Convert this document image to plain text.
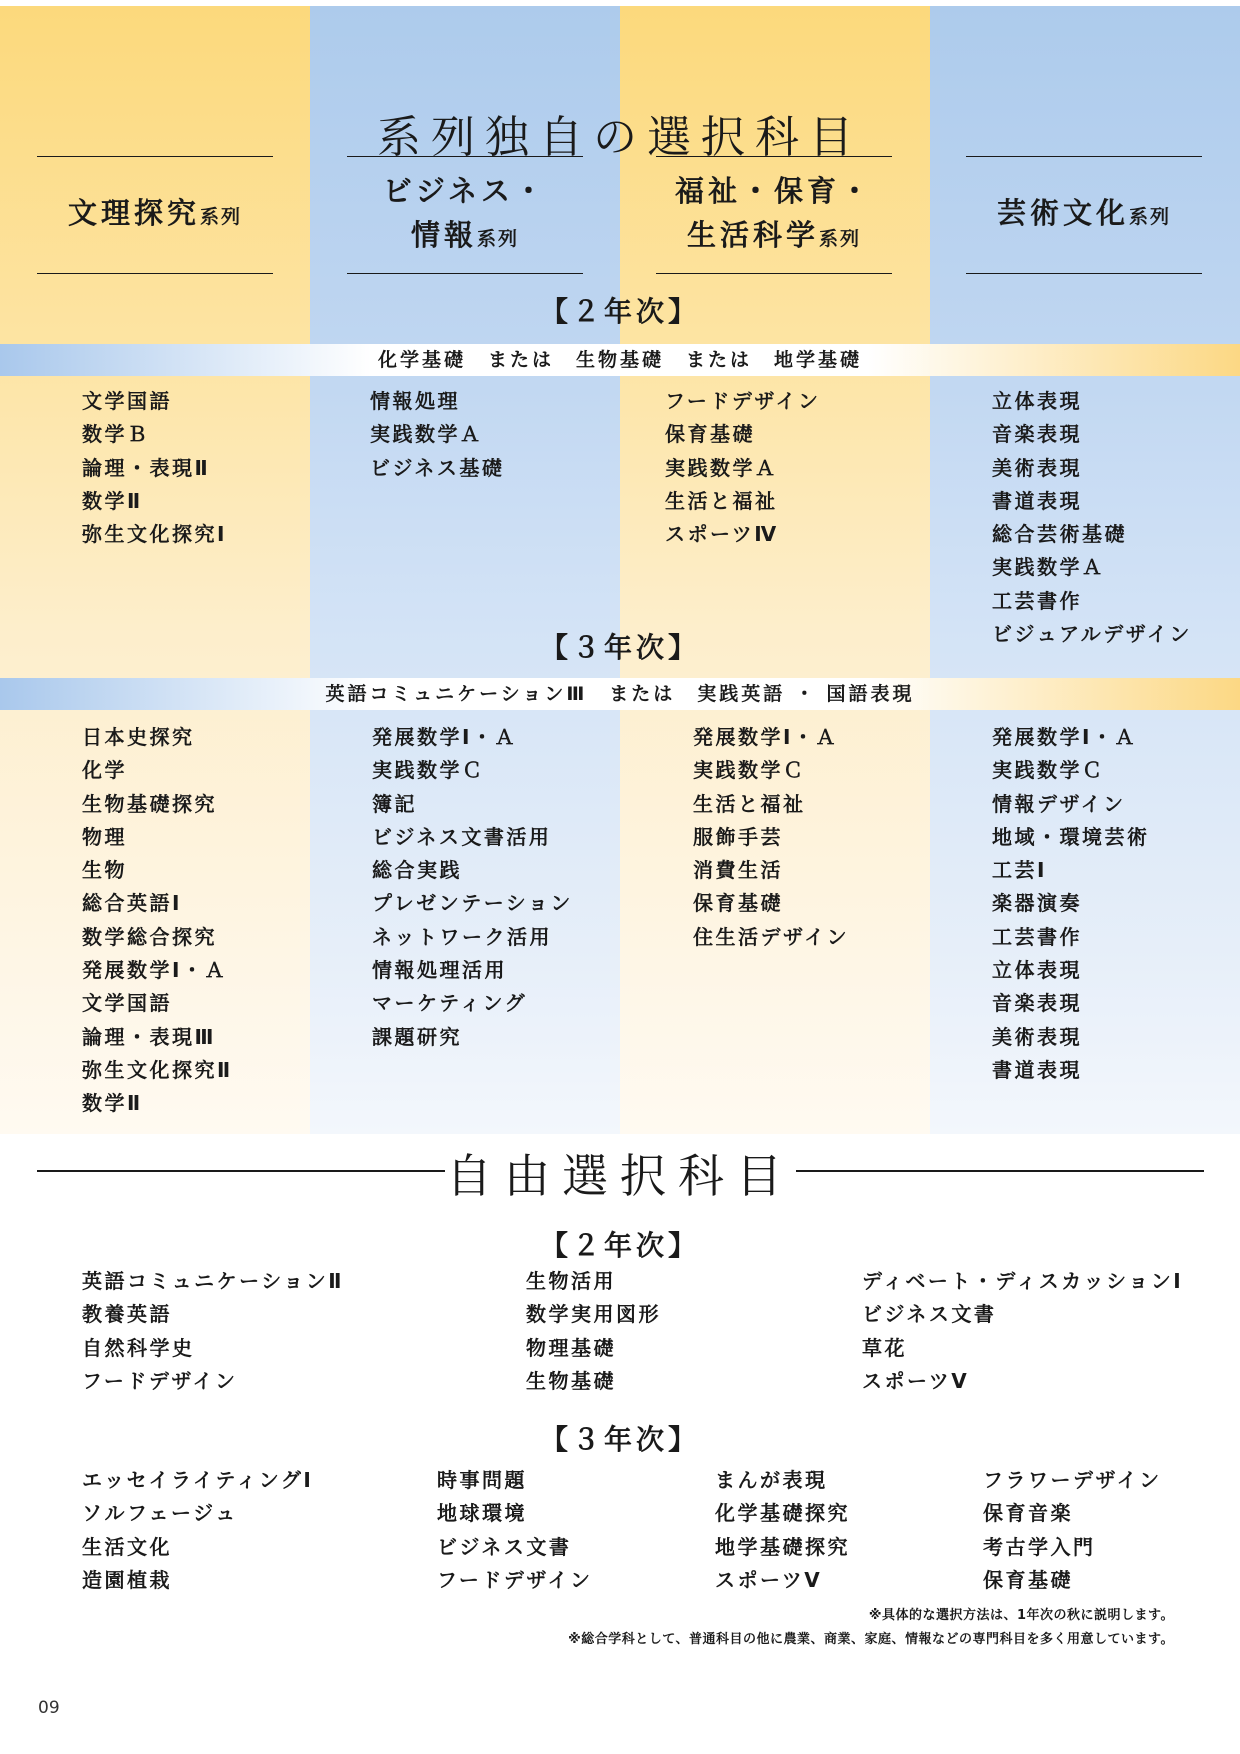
系列独自の選択科目
文理探究系列
ビジネス・
情報系列
福祉・保育・
生活科学系列
芸術文化系列
【２年次】
化学基礎　または　生物基礎　または　地学基礎
文学国語
数学Ｂ
論理・表現Ⅱ
数学Ⅱ
弥生文化探究Ⅰ
情報処理
実践数学Ａ
ビジネス基礎
フードデザイン
保育基礎
実践数学Ａ
生活と福祉
スポーツⅣ
立体表現
音楽表現
美術表現
書道表現
総合芸術基礎
実践数学Ａ
工芸書作
ビジュアルデザイン
【３年次】
英語コミュニケーションⅢ　または　実践英語 ・ 国語表現
日本史探究
化学
生物基礎探究
物理
生物
総合英語Ⅰ
数学総合探究
発展数学Ⅰ・Ａ
文学国語
論理・表現Ⅲ
弥生文化探究Ⅱ
数学Ⅱ
発展数学Ⅰ・Ａ
実践数学Ｃ
簿記
ビジネス文書活用
総合実践
プレゼンテーション
ネットワーク活用
情報処理活用
マーケティング
課題研究
発展数学Ⅰ・Ａ
実践数学Ｃ
生活と福祉
服飾手芸
消費生活
保育基礎
住生活デザイン
発展数学Ⅰ・Ａ
実践数学Ｃ
情報デザイン
地域・環境芸術
工芸Ⅰ
楽器演奏
工芸書作
立体表現
音楽表現
美術表現
書道表現
自由選択科目
【２年次】
英語コミュニケーションⅡ
教養英語
自然科学史
フードデザイン
生物活用
数学実用図形
物理基礎
生物基礎
ディベート・ディスカッションⅠ
ビジネス文書
草花
スポーツⅤ
【３年次】
エッセイライティングⅠ
ソルフェージュ
生活文化
造園植栽
時事問題
地球環境
ビジネス文書
フードデザイン
まんが表現
化学基礎探究
地学基礎探究
スポーツⅤ
フラワーデザイン
保育音楽
考古学入門
保育基礎
※具体的な選択方法は、1年次の秋に説明します。
※総合学科として、普通科目の他に農業、商業、家庭、情報などの専門科目を多く用意しています。
09
